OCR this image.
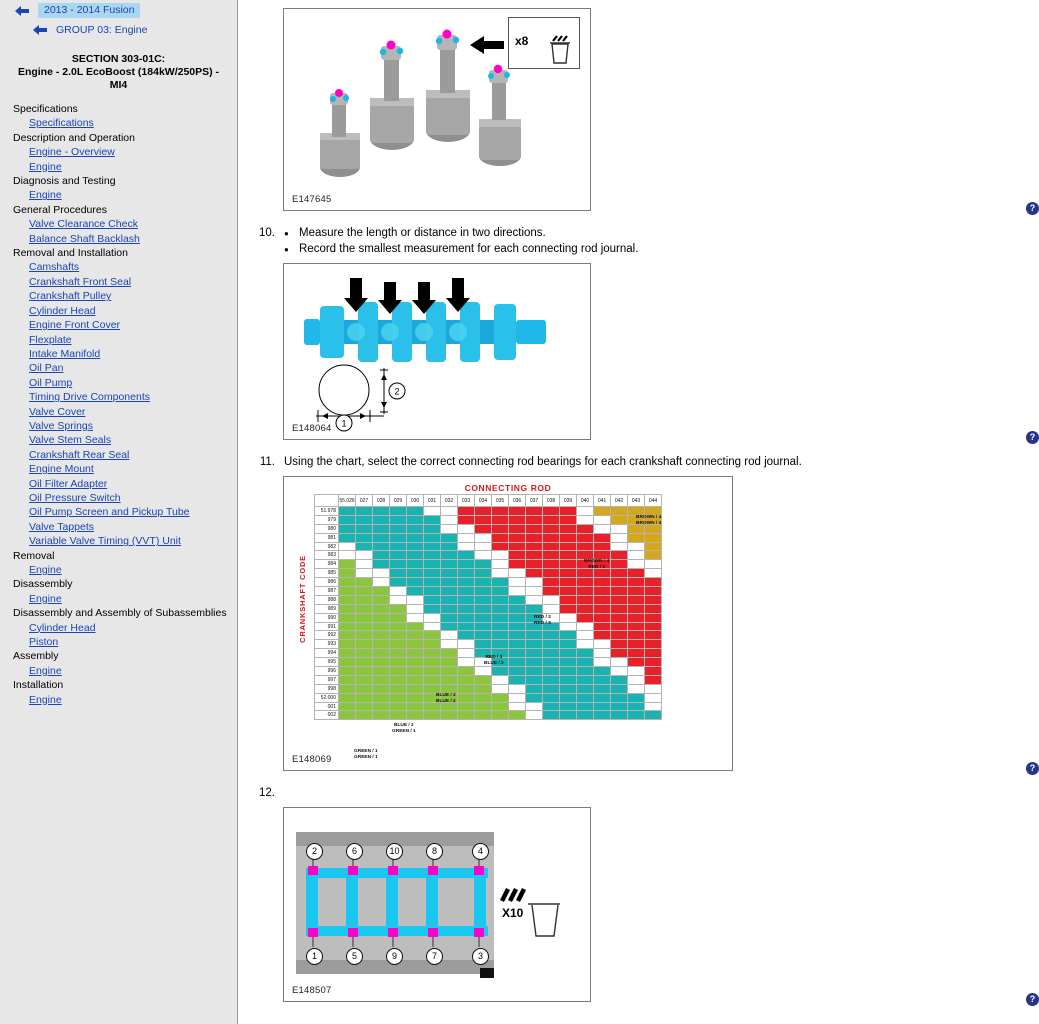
2013 - 2014 Fusion
GROUP 03: Engine
SECTION 303-01C:
Engine - 2.0L EcoBoost (184kW/250PS) - MI4
Specifications
Specifications
Description and Operation
Engine - Overview
Engine
Diagnosis and Testing
Engine
General Procedures
Valve Clearance Check
Balance Shaft Backlash
Removal and Installation
Camshafts
Crankshaft Front Seal
Crankshaft Pulley
Cylinder Head
Engine Front Cover
Flexplate
Intake Manifold
Oil Pan
Oil Pump
Timing Drive Components
Valve Cover
Valve Springs
Valve Stem Seals
Crankshaft Rear Seal
Engine Mount
Oil Filter Adapter
Oil Pressure Switch
Oil Pump Screen and Pickup Tube
Valve Tappets
Variable Valve Timing (VVT) Unit
Removal
Engine
Disassembly
Engine
Disassembly and Assembly of Subassemblies
Cylinder Head
Piston
Assembly
Engine
Installation
Engine
x8
E147645
?
10.	● Measure the length or distance in two directions.
● Record the smallest measurement for each connecting rod journal.
1
2
E148064
?
11. Using the chart, select the correct connecting rod bearings for each crankshaft connecting rod journal.
CONNECTING ROD
CRANKSHAFT CODE
	55.026	027	028	029	030	031	032	033	034	035	036	037	038	039	040	041	042	043	044
51.978																			
979																			
980																			
981																			
982																			
983																			
984																			
985																			
986																			
987																			
988																			
989																			
990																			
991																			
992																			
993																			
994																			
995																			
996																			
997																			
998																			
52.000																			
001																			
002																			
E148069
BROWN / 4
BROWN / 4
BROWN / 4
RED / 3
RED / 3
RED / 3
RED / 3
BLUE / 2
BLUE / 2
BLUE / 2
BLUE / 2
GREEN / 1
GREEN / 1
GREEN / 1
?
12.
2	6	10	8	4
1	5	9	7	3
X10
E148507
?
